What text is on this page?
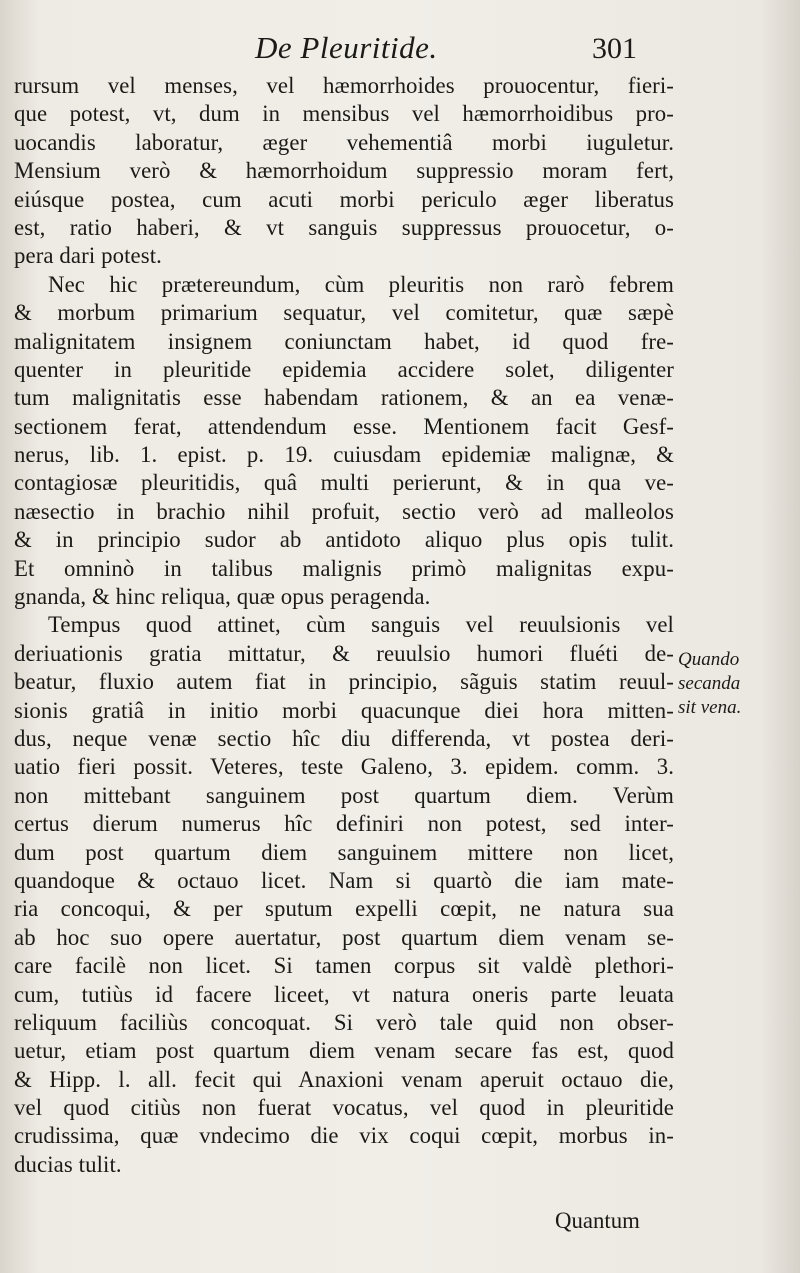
De Pleuritide.	301
rursum vel menses, vel hæmorrhoides prouocentur, fieri-
que potest, vt, dum in mensibus vel hæmorrhoidibus pro-
uocandis laboratur, æger vehementiâ morbi iuguletur.
Mensium verò & hæmorrhoidum suppressio moram fert,
eiúsque postea, cum acuti morbi periculo æger liberatus
est, ratio haberi, & vt sanguis suppressus prouocetur, o-
pera dari potest.
Nec hic prætereundum, cùm pleuritis non rarò febrem
& morbum primarium sequatur, vel comitetur, quæ sæpè
malignitatem insignem coniunctam habet, id quod fre-
quenter in pleuritide epidemia accidere solet, diligenter
tum malignitatis esse habendam rationem, & an ea venæ-
sectionem ferat, attendendum esse. Mentionem facit Gesf-
nerus, lib. 1. epist. p. 19. cuiusdam epidemiæ malignæ, &
contagiosæ pleuritidis, quâ multi perierunt, & in qua ve-
næsectio in brachio nihil profuit, sectio verò ad malleolos
& in principio sudor ab antidoto aliquo plus opis tulit.
Et omninò in talibus malignis primò malignitas expu-
gnanda, & hinc reliqua, quæ opus peragenda.
Tempus quod attinet, cùm sanguis vel reuulsionis vel
deriuationis gratia mittatur, & reuulsio humori fluéti de-
beatur, fluxio autem fiat in principio, sãguis statim reuul-
sionis gratiâ in initio morbi quacunque diei hora mitten-
dus, neque venæ sectio hîc diu differenda, vt postea deri-
uatio fieri possit. Veteres, teste Galeno, 3. epidem. comm. 3.
non mittebant sanguinem post quartum diem. Verùm
certus dierum numerus hîc definiri non potest, sed inter-
dum post quartum diem sanguinem mittere non licet,
quandoque & octauo licet. Nam si quartò die iam mate-
ria concoqui, & per sputum expelli cœpit, ne natura sua
ab hoc suo opere auertatur, post quartum diem venam se-
care facilè non licet. Si tamen corpus sit valdè plethori-
cum, tutiùs id facere liceet, vt natura oneris parte leuata
reliquum faciliùs concoquat. Si verò tale quid non obser-
uetur, etiam post quartum diem venam secare fas est, quod
& Hipp. l. all. fecit qui Anaxioni venam aperuit octauo die,
vel quod citiùs non fuerat vocatus, vel quod in pleuritide
crudissima, quæ vndecimo die vix coqui cœpit, morbus in-
ducias tulit.
Quando
secanda
sit vena.
Quantum
